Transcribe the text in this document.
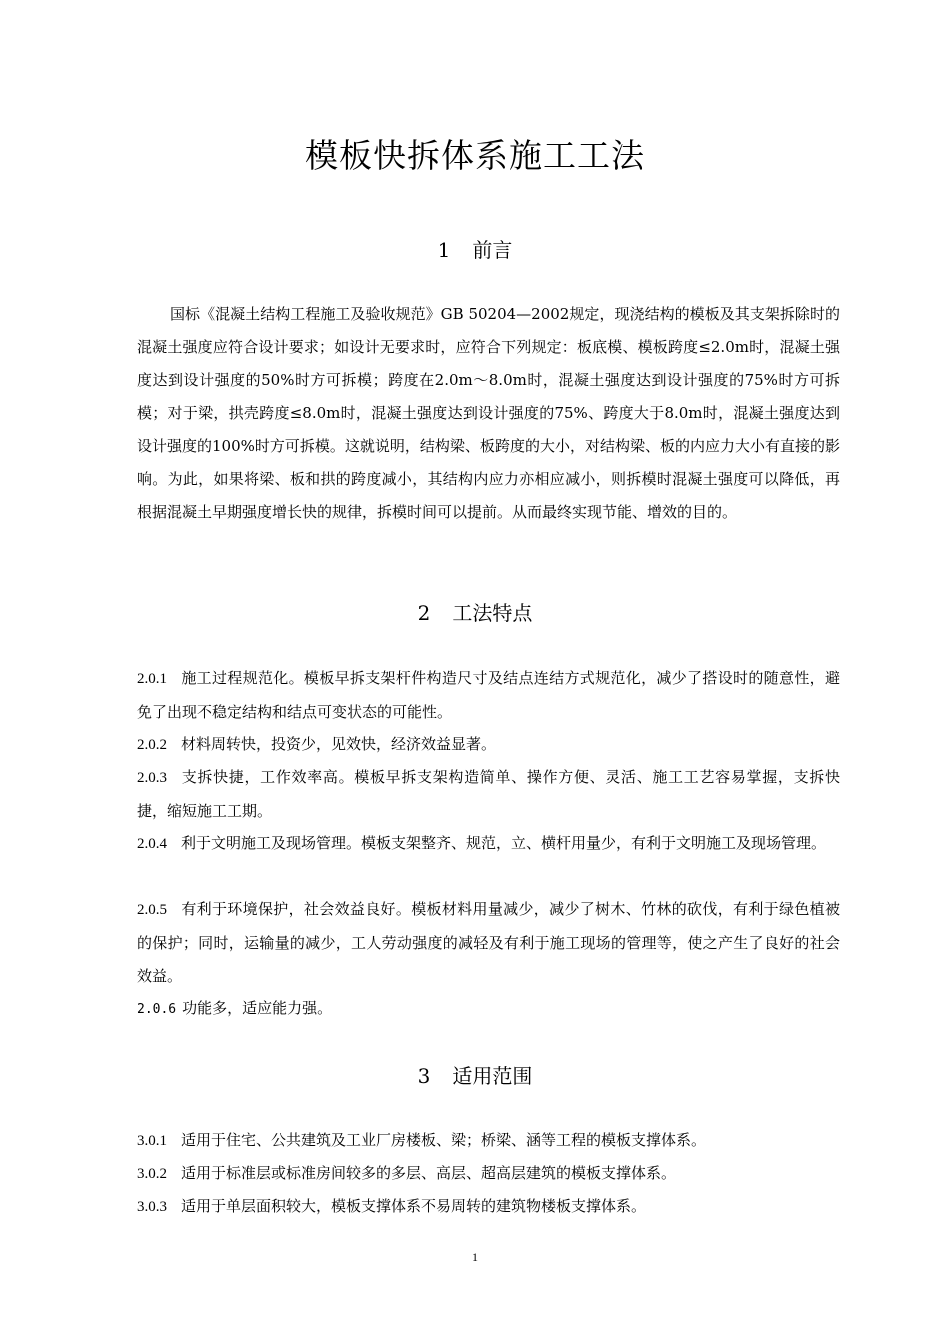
模板快拆体系施工工法
1 前言

国标《混凝土结构工程施工及验收规范》GB 50204—2002规定，现浇结构的模板及其支架拆除时的混凝土强度应符合设计要求；如设计无要求时，应符合下列规定：板底模、模板跨度≤2.0m时，混凝土强度达到设计强度的50%时方可拆模；跨度在2.0m～8.0m时，混凝土强度达到设计强度的75%时方可拆模；对于梁，拱壳跨度≤8.0m时，混凝土强度达到设计强度的75%、跨度大于8.0m时，混凝土强度达到设计强度的100%时方可拆模。这就说明，结构梁、板跨度的大小，对结构梁、板的内应力大小有直接的影响。为此，如果将梁、板和拱的跨度减小，其结构内应力亦相应减小，则拆模时混凝土强度可以降低，再根据混凝土早期强度增长快的规律，拆模时间可以提前。从而最终实现节能、增效的目的。

2 工法特点

2.0.1 施工过程规范化。模板早拆支架杆件构造尺寸及结点连结方式规范化，减少了搭设时的随意性，避免了出现不稳定结构和结点可变状态的可能性。

2.0.2 材料周转快，投资少，见效快，经济效益显著。

2.0.3 支拆快捷，工作效率高。模板早拆支架构造简单、操作方便、灵活、施工工艺容易掌握，支拆快捷，缩短施工工期。

2.0.4 利于文明施工及现场管理。模板支架整齐、规范，立、横杆用量少，有利于文明施工及现场管理。

2.0.5 有利于环境保护，社会效益良好。模板材料用量减少，减少了树木、竹林的砍伐，有利于绿色植被的保护；同时，运输量的减少，工人劳动强度的减轻及有利于施工现场的管理等，使之产生了良好的社会效益。

2.0.6 功能多，适应能力强。

3 适用范围

3.0.1 适用于住宅、公共建筑及工业厂房楼板、梁；桥梁、涵等工程的模板支撑体系。

3.0.2 适用于标准层或标准房间较多的多层、高层、超高层建筑的模板支撑体系。

3.0.3 适用于单层面积较大，模板支撑体系不易周转的建筑物楼板支撑体系。

1
